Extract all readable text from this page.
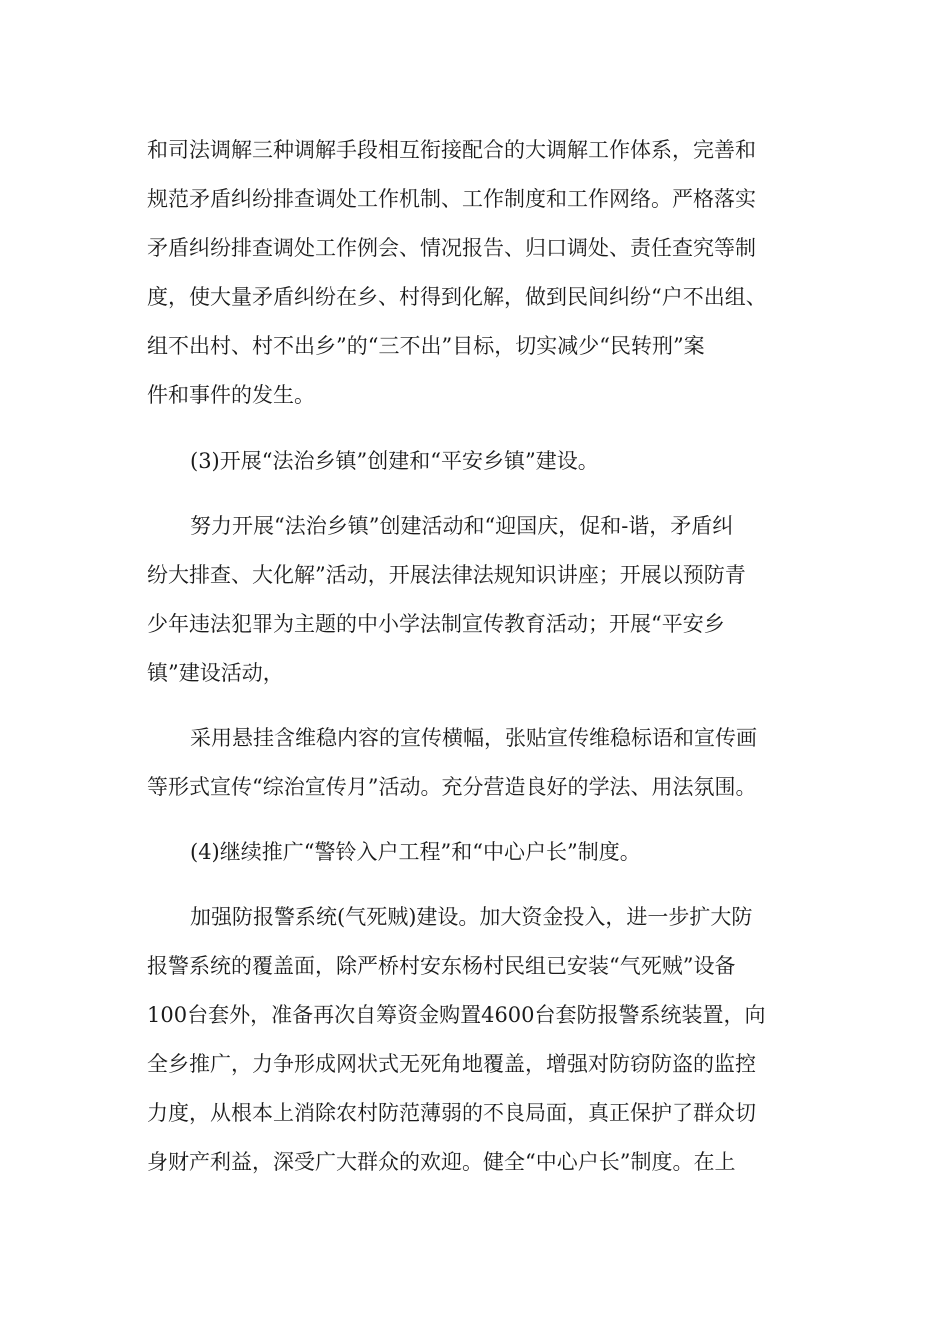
和司法调解三种调解手段相互衔接配合的大调解工作体系，完善和
规范矛盾纠纷排查调处工作机制、工作制度和工作网络。严格落实
矛盾纠纷排查调处工作例会、情况报告、归口调处、责任查究等制
度，使大量矛盾纠纷在乡、村得到化解，做到民间纠纷“户不出组、
组不出村、村不出乡”的“三不出”目标，切实减少“民转刑”案
件和事件的发生。
(3)开展“法治乡镇”创建和“平安乡镇”建设。
努力开展“法治乡镇”创建活动和“迎国庆，促和-谐，矛盾纠
纷大排查、大化解”活动，开展法律法规知识讲座；开展以预防青
少年违法犯罪为主题的中小学法制宣传教育活动；开展“平安乡
镇”建设活动，
采用悬挂含维稳内容的宣传横幅，张贴宣传维稳标语和宣传画
等形式宣传“综治宣传月”活动。充分营造良好的学法、用法氛围。
(4)继续推广“警铃入户工程”和“中心户长”制度。
加强防报警系统(气死贼)建设。加大资金投入，进一步扩大防
报警系统的覆盖面，除严桥村安东杨村民组已安装“气死贼”设备
100台套外，准备再次自筹资金购置4600台套防报警系统装置，向
全乡推广，力争形成网状式无死角地覆盖，增强对防窃防盗的监控
力度，从根本上消除农村防范薄弱的不良局面，真正保护了群众切
身财产利益，深受广大群众的欢迎。健全“中心户长”制度。在上
